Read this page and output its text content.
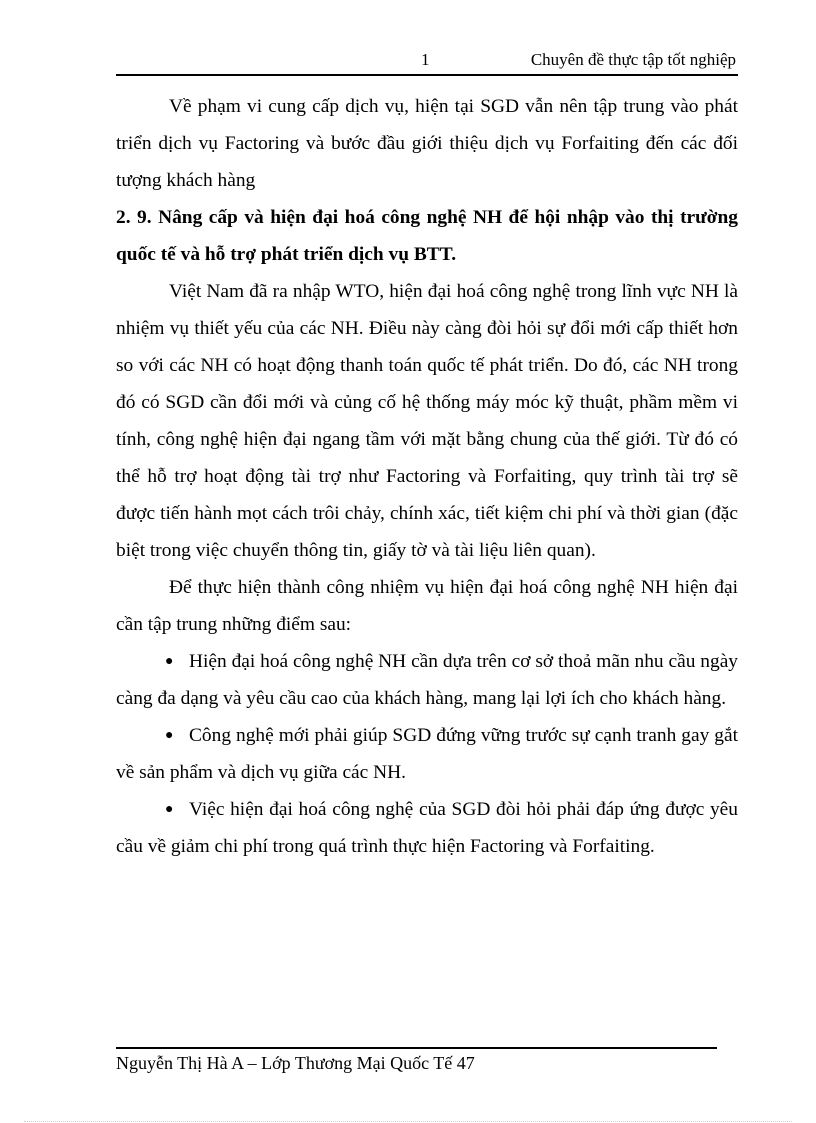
1	Chuyên đề thực tập tốt nghiệp

Về phạm vi cung cấp dịch vụ, hiện tại SGD vẫn nên tập trung vào phát triển dịch vụ Factoring và bước đầu giới thiệu dịch vụ Forfaiting đến các đối tượng khách hàng

2. 9. Nâng cấp và hiện đại hoá công nghệ NH để hội nhập vào thị trường quốc tế và hỗ trợ phát triển dịch vụ BTT.

Việt Nam đã ra nhập WTO, hiện đại hoá công nghệ trong lĩnh vực NH là nhiệm vụ thiết yếu của các NH. Điều này càng đòi hỏi sự đổi mới cấp thiết hơn so với các NH có hoạt động thanh toán quốc tế phát triển. Do đó, các NH trong đó có SGD cần đổi mới và củng cố hệ thống máy móc kỹ thuật, phầm mềm vi tính, công nghệ hiện đại ngang tầm với mặt bằng chung của thế giới. Từ đó có thể hỗ trợ hoạt động tài trợ như Factoring và Forfaiting, quy trình tài trợ sẽ được tiến hành mọt cách trôi chảy, chính xác, tiết kiệm chi phí và thời gian (đặc biệt trong việc chuyển thông tin, giấy tờ và tài liệu liên quan).

Để thực hiện thành công nhiệm vụ hiện đại hoá công nghệ NH hiện đại cần tập trung những điểm sau:

● Hiện đại hoá công nghệ NH cần dựa trên cơ sở thoả mãn nhu cầu ngày càng đa dạng và yêu cầu cao của khách hàng, mang lại lợi ích cho khách hàng.

● Công nghệ mới phải giúp SGD đứng vững trước sự cạnh tranh gay gắt về sản phẩm và dịch vụ giữa các NH.

● Việc hiện đại hoá công nghệ của SGD đòi hỏi phải đáp ứng được yêu cầu về giảm chi phí trong quá trình thực hiện Factoring và Forfaiting.

Nguyễn Thị Hà A – Lớp Thương Mại Quốc Tế 47
